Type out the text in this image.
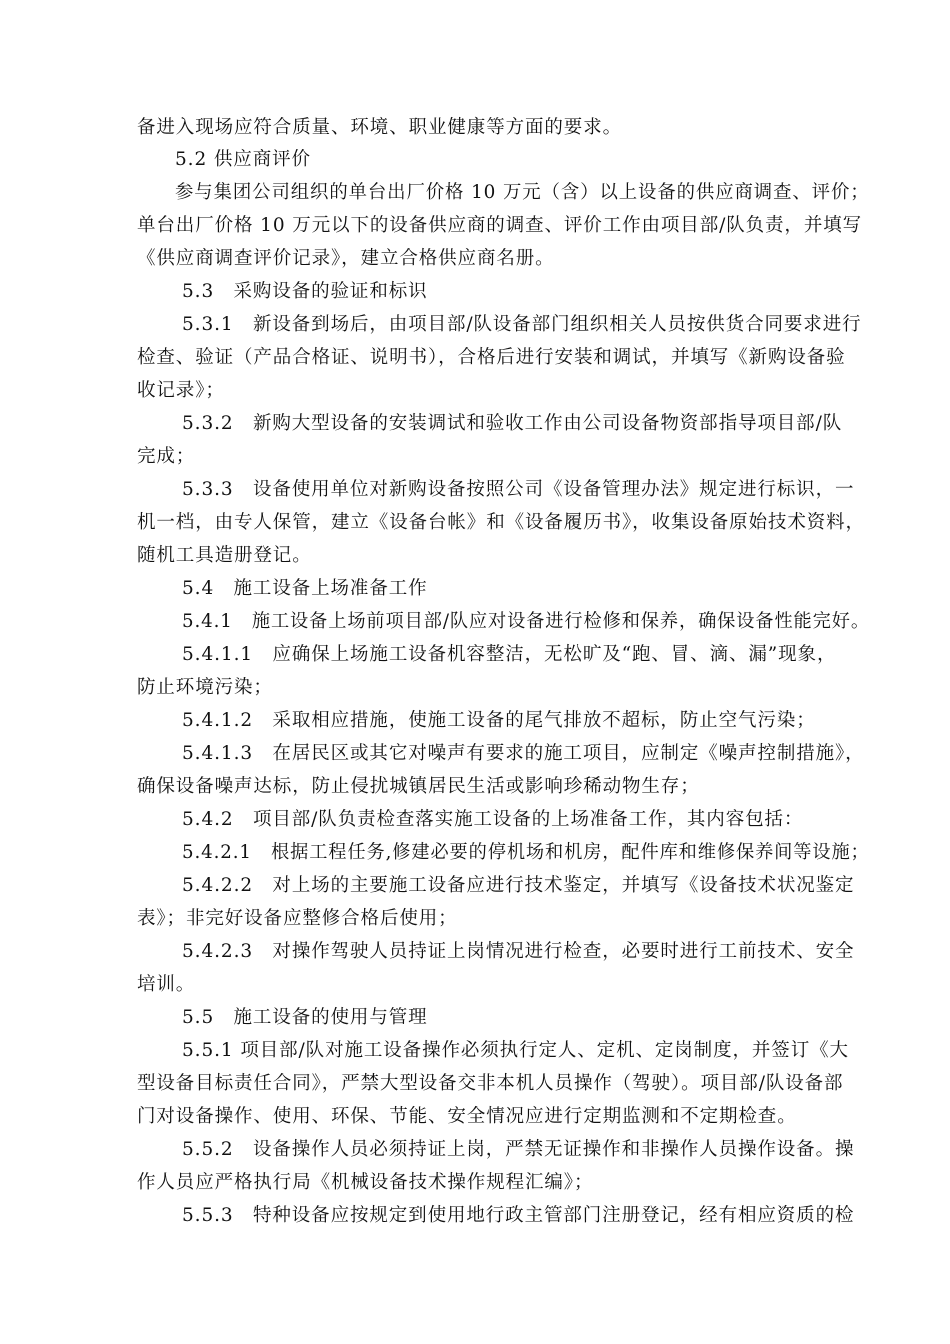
备进入现场应符合质量、环境、职业健康等方面的要求。
5.2 供应商评价
参与集团公司组织的单台出厂价格 10 万元（含）以上设备的供应商调查、评价；
单台出厂价格 10 万元以下的设备供应商的调查、评价工作由项目部/队负责，并填写
《供应商调查评价记录》，建立合格供应商名册。
5.3　采购设备的验证和标识
5.3.1　新设备到场后，由项目部/队设备部门组织相关人员按供货合同要求进行
检查、验证（产品合格证、说明书），合格后进行安装和调试，并填写《新购设备验
收记录》；
5.3.2　新购大型设备的安装调试和验收工作由公司设备物资部指导项目部/队
完成；
5.3.3　设备使用单位对新购设备按照公司《设备管理办法》规定进行标识，一
机一档，由专人保管，建立《设备台帐》和《设备履历书》，收集设备原始技术资料，
随机工具造册登记。
5.4　施工设备上场准备工作
5.4.1　施工设备上场前项目部/队应对设备进行检修和保养，确保设备性能完好。
5.4.1.1　应确保上场施工设备机容整洁，无松旷及“跑、冒、滴、漏”现象，
防止环境污染；
5.4.1.2　采取相应措施，使施工设备的尾气排放不超标，防止空气污染；
5.4.1.3　在居民区或其它对噪声有要求的施工项目，应制定《噪声控制措施》，
确保设备噪声达标，防止侵扰城镇居民生活或影响珍稀动物生存；
5.4.2　项目部/队负责检查落实施工设备的上场准备工作，其内容包括：
5.4.2.1　根据工程任务,修建必要的停机场和机房，配件库和维修保养间等设施；
5.4.2.2　对上场的主要施工设备应进行技术鉴定，并填写《设备技术状况鉴定
表》；非完好设备应整修合格后使用；
5.4.2.3　对操作驾驶人员持证上岗情况进行检查，必要时进行工前技术、安全
培训。
5.5　施工设备的使用与管理
5.5.1 项目部/队对施工设备操作必须执行定人、定机、定岗制度，并签订《大
型设备目标责任合同》，严禁大型设备交非本机人员操作（驾驶）。项目部/队设备部
门对设备操作、使用、环保、节能、安全情况应进行定期监测和不定期检查。
5.5.2　设备操作人员必须持证上岗，严禁无证操作和非操作人员操作设备。操
作人员应严格执行局《机械设备技术操作规程汇编》；
5.5.3　特种设备应按规定到使用地行政主管部门注册登记，经有相应资质的检
